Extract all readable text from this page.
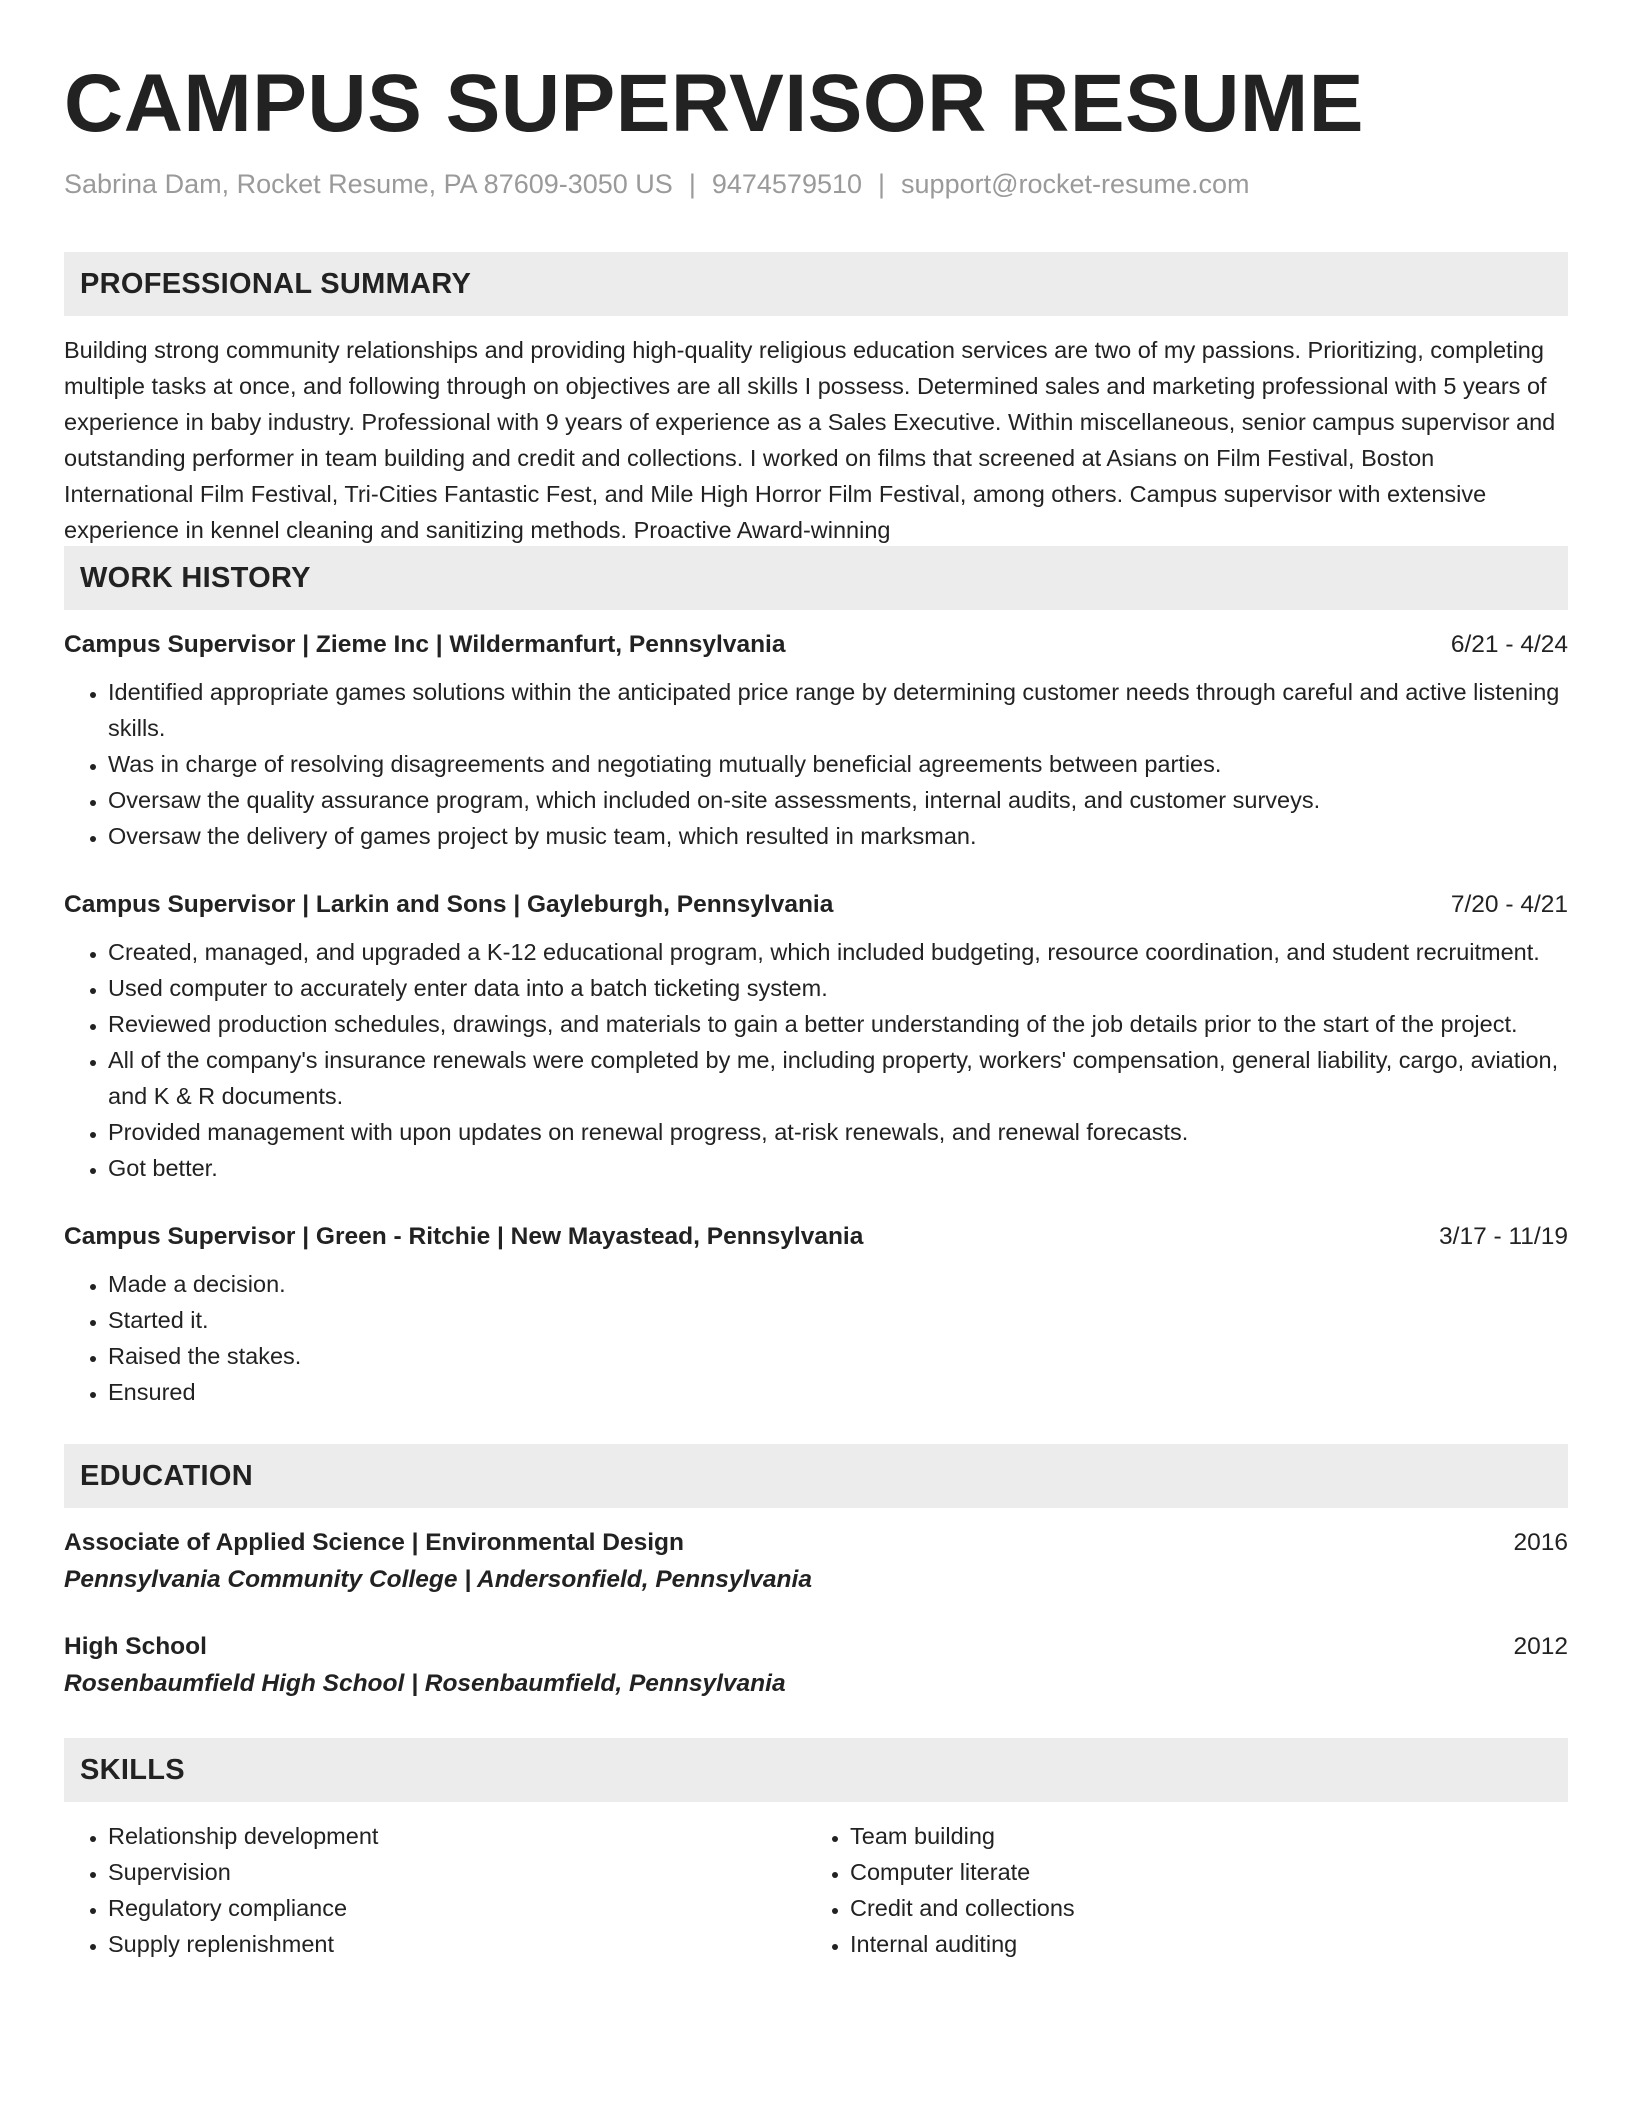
CAMPUS SUPERVISOR RESUME
Sabrina Dam, Rocket Resume, PA 87609-3050 US | 9474579510 | support@rocket-resume.com
PROFESSIONAL SUMMARY
Building strong community relationships and providing high-quality religious education services are two of my passions. Prioritizing, completing multiple tasks at once, and following through on objectives are all skills I possess. Determined sales and marketing professional with 5 years of experience in baby industry. Professional with 9 years of experience as a Sales Executive. Within miscellaneous, senior campus supervisor and outstanding performer in team building and credit and collections. I worked on films that screened at Asians on Film Festival, Boston International Film Festival, Tri-Cities Fantastic Fest, and Mile High Horror Film Festival, among others. Campus supervisor with extensive experience in kennel cleaning and sanitizing methods. Proactive Award-winning
WORK HISTORY
Campus Supervisor | Zieme Inc | Wildermanfurt, Pennsylvania	6/21 - 4/24
• Identified appropriate games solutions within the anticipated price range by determining customer needs through careful and active listening skills.
• Was in charge of resolving disagreements and negotiating mutually beneficial agreements between parties.
• Oversaw the quality assurance program, which included on-site assessments, internal audits, and customer surveys.
• Oversaw the delivery of games project by music team, which resulted in marksman.
Campus Supervisor | Larkin and Sons | Gayleburgh, Pennsylvania	7/20 - 4/21
• Created, managed, and upgraded a K-12 educational program, which included budgeting, resource coordination, and student recruitment.
• Used computer to accurately enter data into a batch ticketing system.
• Reviewed production schedules, drawings, and materials to gain a better understanding of the job details prior to the start of the project.
• All of the company's insurance renewals were completed by me, including property, workers' compensation, general liability, cargo, aviation, and K & R documents.
• Provided management with upon updates on renewal progress, at-risk renewals, and renewal forecasts.
• Got better.
Campus Supervisor | Green - Ritchie | New Mayastead, Pennsylvania	3/17 - 11/19
• Made a decision.
• Started it.
• Raised the stakes.
• Ensured
EDUCATION
Associate of Applied Science | Environmental Design	2016
Pennsylvania Community College | Andersonfield, Pennsylvania
High School	2012
Rosenbaumfield High School | Rosenbaumfield, Pennsylvania
SKILLS
• Relationship development
• Supervision
• Regulatory compliance
• Supply replenishment
• Team building
• Computer literate
• Credit and collections
• Internal auditing
